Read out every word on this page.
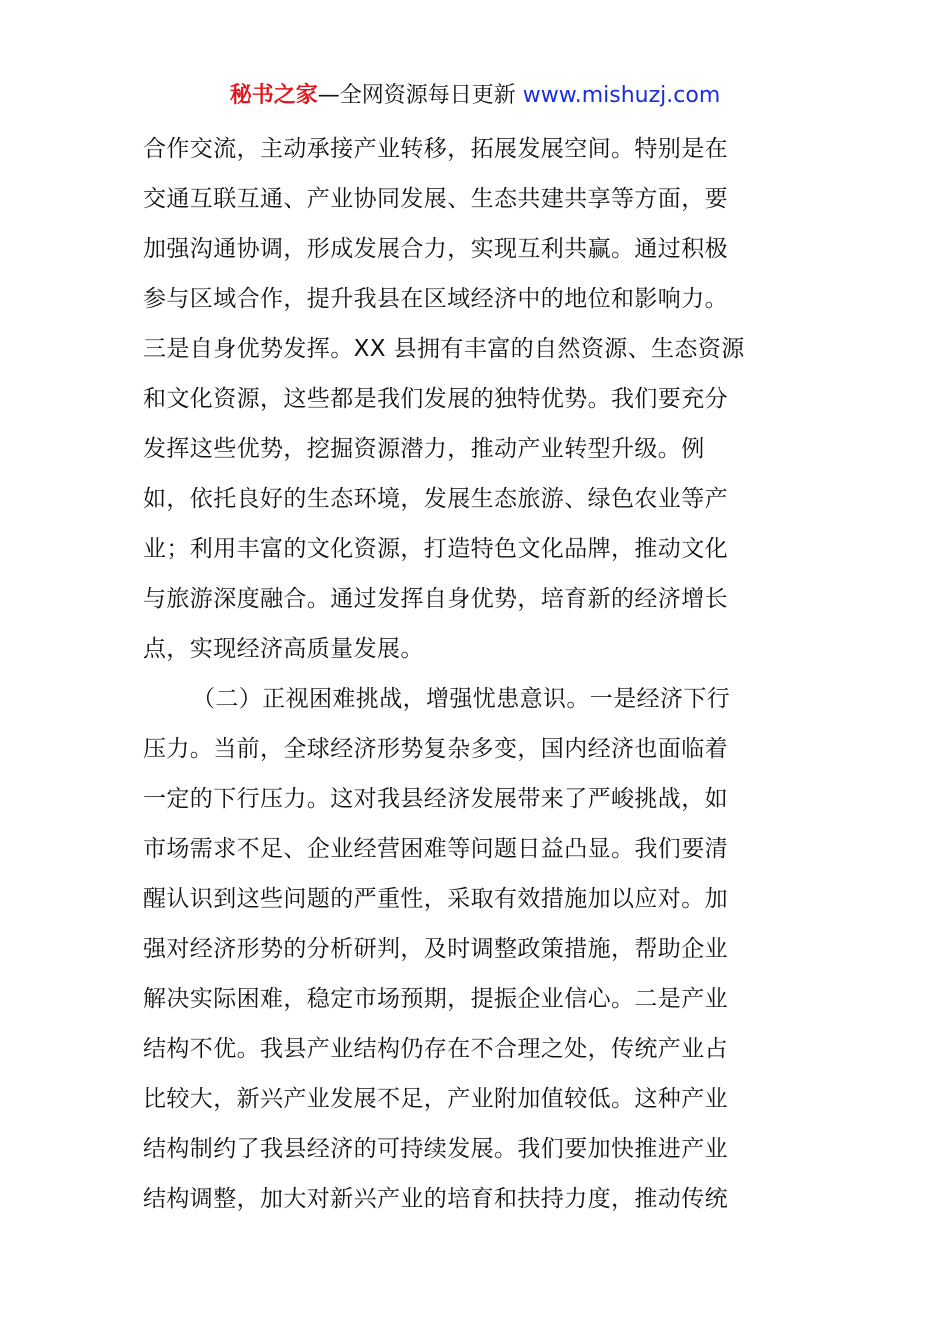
秘书之家—全网资源每日更新 www.mishuzj.com
合作交流，主动承接产业转移，拓展发展空间。特别是在
交通互联互通、产业协同发展、生态共建共享等方面，要
加强沟通协调，形成发展合力，实现互利共赢。通过积极
参与区域合作，提升我县在区域经济中的地位和影响力。
三是自身优势发挥。XX 县拥有丰富的自然资源、生态资源
和文化资源，这些都是我们发展的独特优势。我们要充分
发挥这些优势，挖掘资源潜力，推动产业转型升级。例
如，依托良好的生态环境，发展生态旅游、绿色农业等产
业；利用丰富的文化资源，打造特色文化品牌，推动文化
与旅游深度融合。通过发挥自身优势，培育新的经济增长
点，实现经济高质量发展。
（二）正视困难挑战，增强忧患意识。一是经济下行
压力。当前，全球经济形势复杂多变，国内经济也面临着
一定的下行压力。这对我县经济发展带来了严峻挑战，如
市场需求不足、企业经营困难等问题日益凸显。我们要清
醒认识到这些问题的严重性，采取有效措施加以应对。加
强对经济形势的分析研判，及时调整政策措施，帮助企业
解决实际困难，稳定市场预期，提振企业信心。二是产业
结构不优。我县产业结构仍存在不合理之处，传统产业占
比较大，新兴产业发展不足，产业附加值较低。这种产业
结构制约了我县经济的可持续发展。我们要加快推进产业
结构调整，加大对新兴产业的培育和扶持力度，推动传统
